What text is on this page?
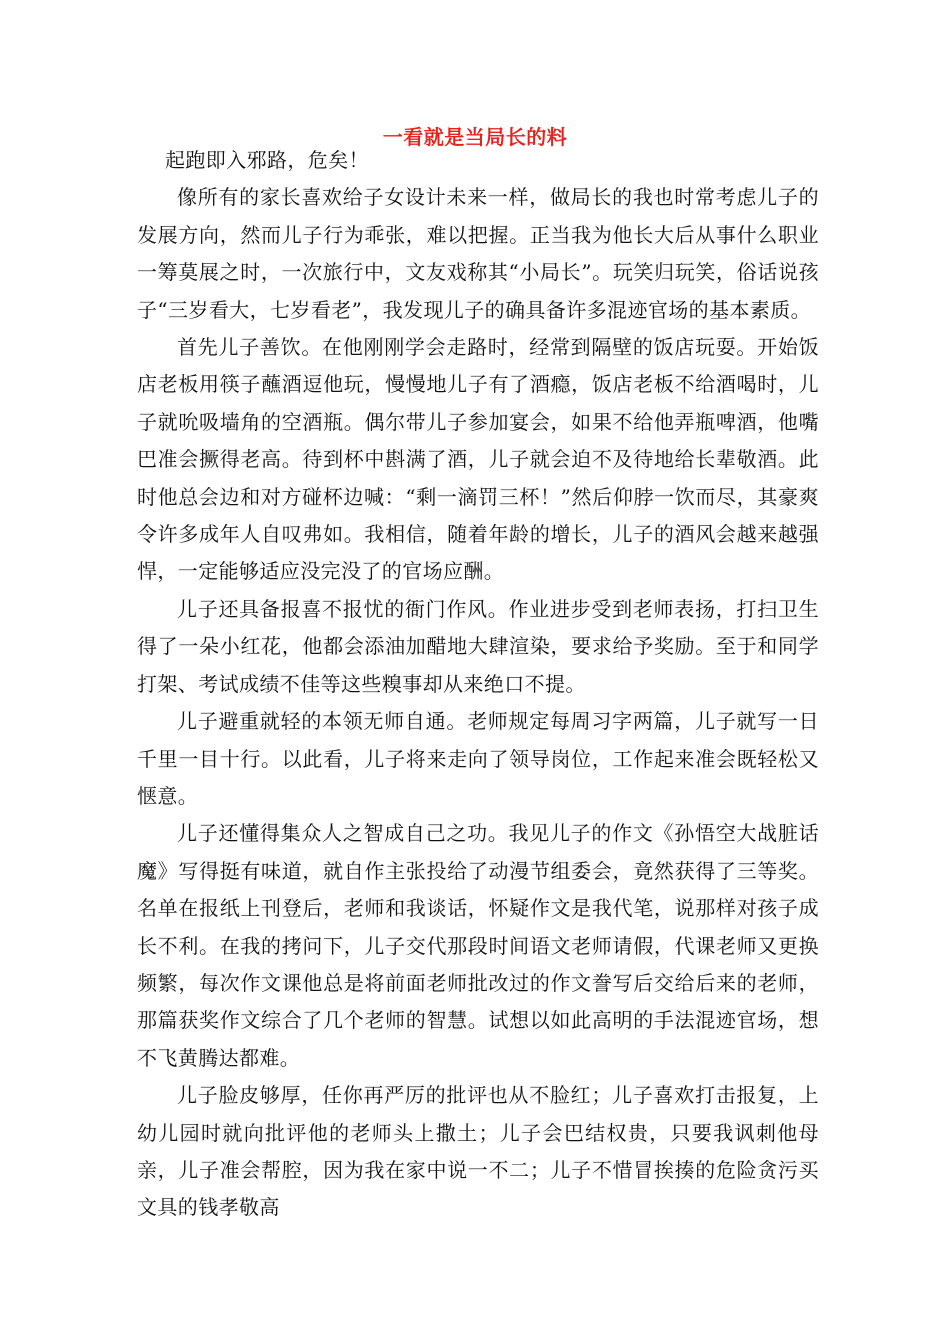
一看就是当局长的料

起跑即入邪路，危矣！

像所有的家长喜欢给子女设计未来一样，做局长的我也时常考虑儿子的发展方向，然而儿子行为乖张，难以把握。正当我为他长大后从事什么职业一筹莫展之时，一次旅行中，文友戏称其“小局长”。玩笑归玩笑，俗话说孩子“三岁看大，七岁看老”，我发现儿子的确具备许多混迹官场的基本素质。

首先儿子善饮。在他刚刚学会走路时，经常到隔壁的饭店玩耍。开始饭店老板用筷子蘸酒逗他玩，慢慢地儿子有了酒瘾，饭店老板不给酒喝时，儿子就吮吸墙角的空酒瓶。偶尔带儿子参加宴会，如果不给他弄瓶啤酒，他嘴巴准会撅得老高。待到杯中斟满了酒，儿子就会迫不及待地给长辈敬酒。此时他总会边和对方碰杯边喊：“剩一滴罚三杯！”然后仰脖一饮而尽，其豪爽令许多成年人自叹弗如。我相信，随着年龄的增长，儿子的酒风会越来越强悍，一定能够适应没完没了的官场应酬。

儿子还具备报喜不报忧的衙门作风。作业进步受到老师表扬，打扫卫生得了一朵小红花，他都会添油加醋地大肆渲染，要求给予奖励。至于和同学打架、考试成绩不佳等这些糗事却从来绝口不提。

儿子避重就轻的本领无师自通。老师规定每周习字两篇，儿子就写一日千里一目十行。以此看，儿子将来走向了领导岗位，工作起来准会既轻松又惬意。

儿子还懂得集众人之智成自己之功。我见儿子的作文《孙悟空大战脏话魔》写得挺有味道，就自作主张投给了动漫节组委会，竟然获得了三等奖。名单在报纸上刊登后，老师和我谈话，怀疑作文是我代笔，说那样对孩子成长不利。在我的拷问下，儿子交代那段时间语文老师请假，代课老师又更换频繁，每次作文课他总是将前面老师批改过的作文誊写后交给后来的老师，那篇获奖作文综合了几个老师的智慧。试想以如此高明的手法混迹官场，想不飞黄腾达都难。

儿子脸皮够厚，任你再严厉的批评也从不脸红；儿子喜欢打击报复，上幼儿园时就向批评他的老师头上撒土；儿子会巴结权贵，只要我讽刺他母亲，儿子准会帮腔，因为我在家中说一不二；儿子不惜冒挨揍的危险贪污买文具的钱孝敬高
